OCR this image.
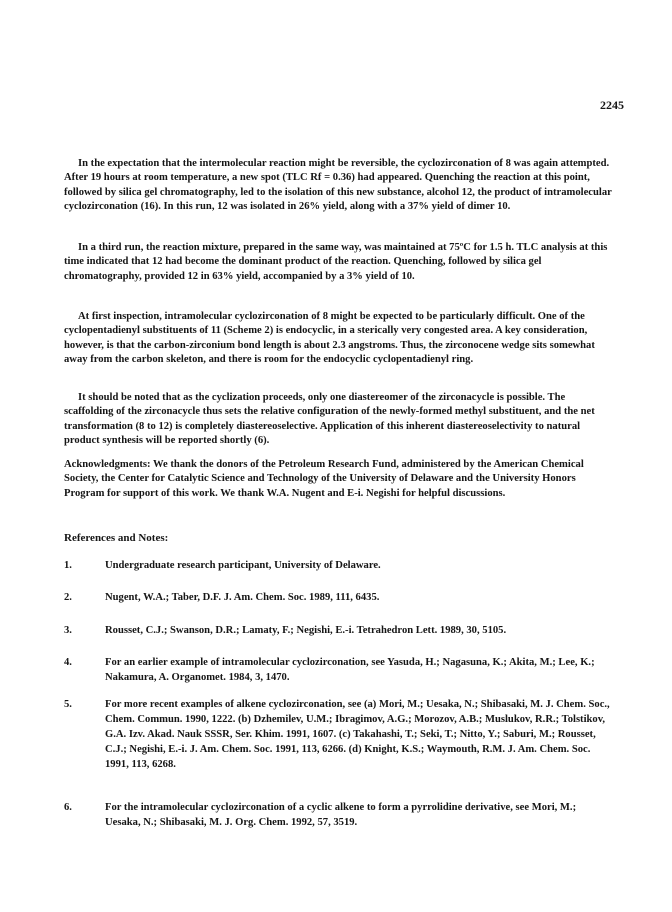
2245

In the expectation that the intermolecular reaction might be reversible, the cyclozirconation of 8 was again attempted. After 19 hours at room temperature, a new spot (TLC Rf = 0.36) had appeared. Quenching the reaction at this point, followed by silica gel chromatography, led to the isolation of this new substance, alcohol 12, the product of intramolecular cyclozirconation (16). In this run, 12 was isolated in 26% yield, along with a 37% yield of dimer 10.

In a third run, the reaction mixture, prepared in the same way, was maintained at 75ºC for 1.5 h. TLC analysis at this time indicated that 12 had become the dominant product of the reaction. Quenching, followed by silica gel chromatography, provided 12 in 63% yield, accompanied by a 3% yield of 10.

At first inspection, intramolecular cyclozirconation of 8 might be expected to be particularly difficult. One of the cyclopentadienyl substituents of 11 (Scheme 2) is endocyclic, in a sterically very congested area. A key consideration, however, is that the carbon-zirconium bond length is about 2.3 angstroms. Thus, the zirconocene wedge sits somewhat away from the carbon skeleton, and there is room for the endocyclic cyclopentadienyl ring.

It should be noted that as the cyclization proceeds, only one diastereomer of the zirconacycle is possible. The scaffolding of the zirconacycle thus sets the relative configuration of the newly-formed methyl substituent, and the net transformation (8 to 12) is completely diastereoselective. Application of this inherent diastereoselectivity to natural product synthesis will be reported shortly (6).

Acknowledgments: We thank the donors of the Petroleum Research Fund, administered by the American Chemical Society, the Center for Catalytic Science and Technology of the University of Delaware and the University Honors Program for support of this work. We thank W.A. Nugent and E-i. Negishi for helpful discussions.

References and Notes:
1.	Undergraduate research participant, University of Delaware.
2.	Nugent, W.A.; Taber, D.F. J. Am. Chem. Soc. 1989, 111, 6435.
3.	Rousset, C.J.; Swanson, D.R.; Lamaty, F.; Negishi, E.-i. Tetrahedron Lett. 1989, 30, 5105.
4.	For an earlier example of intramolecular cyclozirconation, see Yasuda, H.; Nagasuna, K.; Akita, M.; Lee, K.; Nakamura, A. Organomet. 1984, 3, 1470.
5.	For more recent examples of alkene cyclozirconation, see (a) Mori, M.; Uesaka, N.; Shibasaki, M. J. Chem. Soc., Chem. Commun. 1990, 1222. (b) Dzhemilev, U.M.; Ibragimov, A.G.; Morozov, A.B.; Muslukov, R.R.; Tolstikov, G.A. Izv. Akad. Nauk SSSR, Ser. Khim. 1991, 1607. (c) Takahashi, T.; Seki, T.; Nitto, Y.; Saburi, M.; Rousset, C.J.; Negishi, E.-i. J. Am. Chem. Soc. 1991, 113, 6266. (d) Knight, K.S.; Waymouth, R.M. J. Am. Chem. Soc. 1991, 113, 6268.
6.	For the intramolecular cyclozirconation of a cyclic alkene to form a pyrrolidine derivative, see Mori, M.; Uesaka, N.; Shibasaki, M. J. Org. Chem. 1992, 57, 3519.
